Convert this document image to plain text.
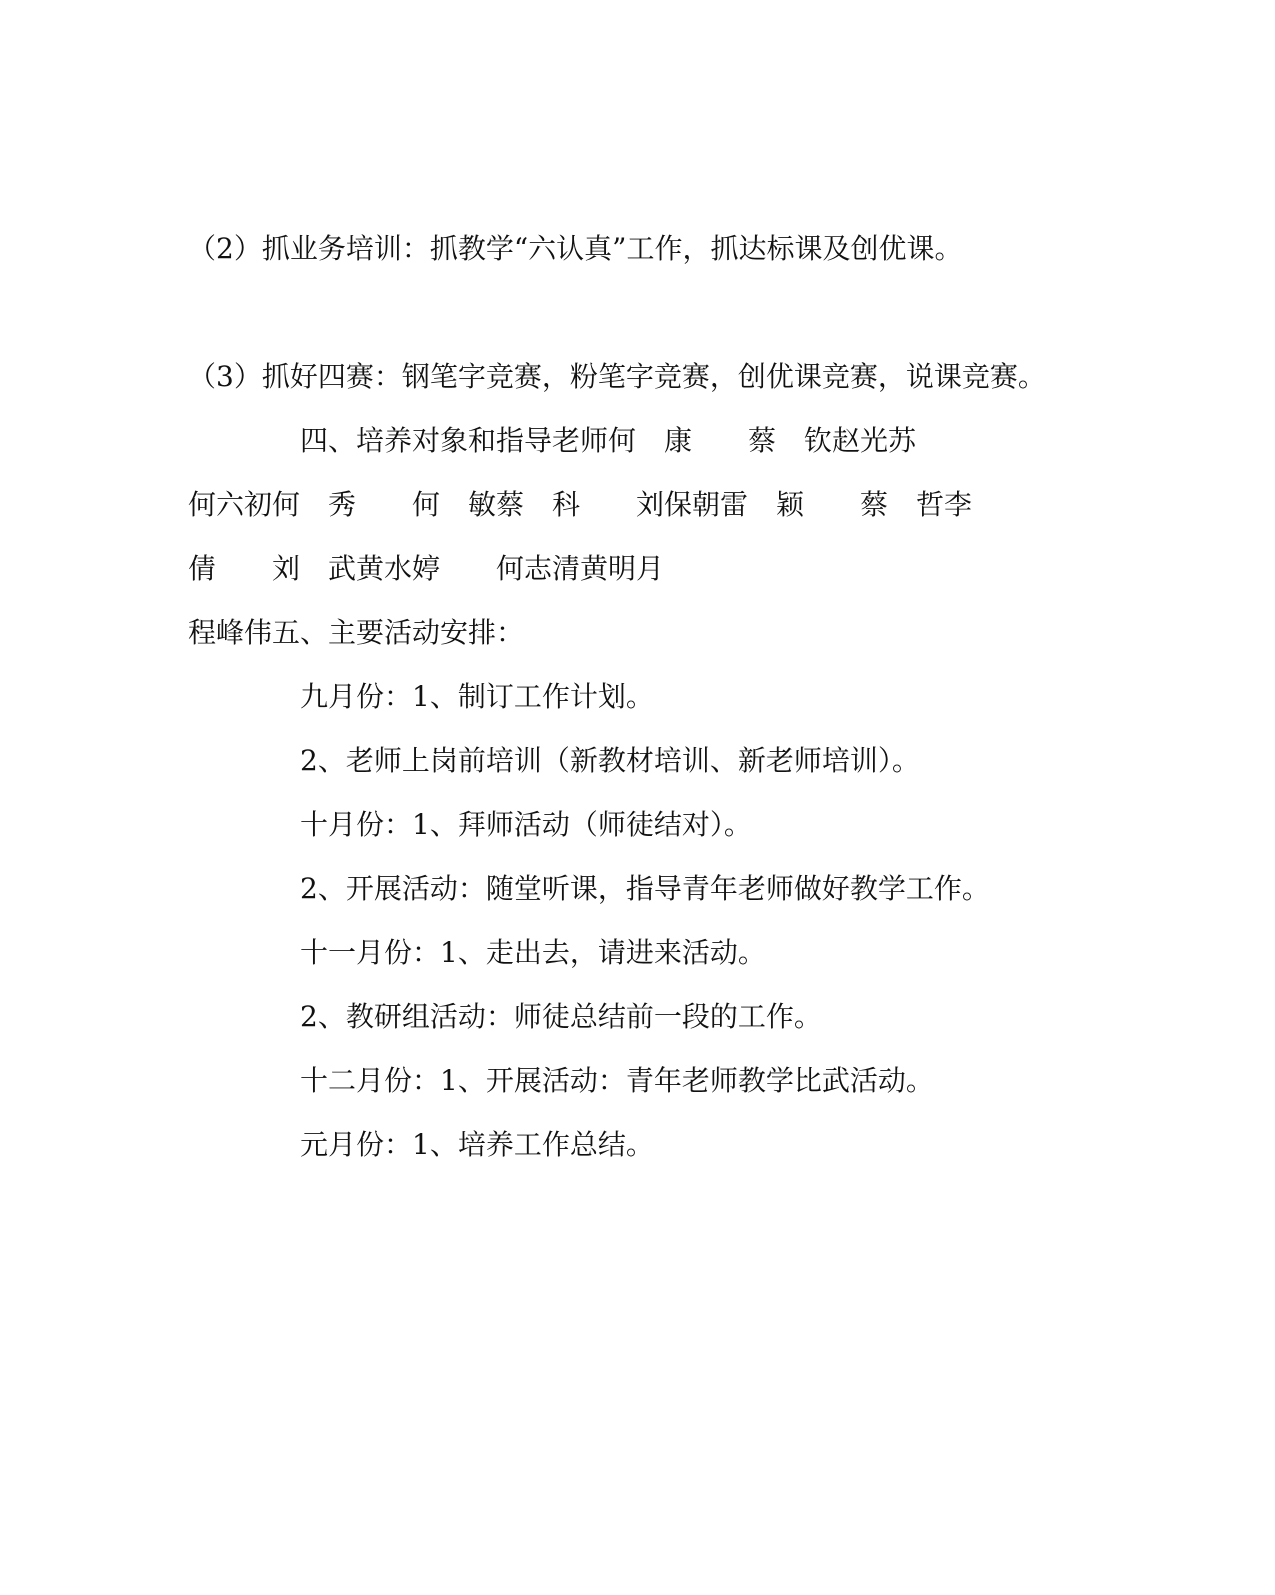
（2）抓业务培训：抓教学“六认真”工作，抓达标课及创优课。
（3）抓好四赛：钢笔字竞赛，粉笔字竞赛，创优课竞赛，说课竞赛。
四、培养对象和指导老师何　康　　蔡　钦赵光苏
何六初何　秀　　何　敏蔡　科　　刘保朝雷　颖　　蔡　哲李
倩　　刘　武黄水婷　　何志清黄明月
程峰伟五、主要活动安排：
九月份：1、制订工作计划。
2、老师上岗前培训（新教材培训、新老师培训）。
十月份：1、拜师活动（师徒结对）。
2、开展活动：随堂听课，指导青年老师做好教学工作。
十一月份：1、走出去，请进来活动。
2、教研组活动：师徒总结前一段的工作。
十二月份：1、开展活动：青年老师教学比武活动。
元月份：1、培养工作总结。
